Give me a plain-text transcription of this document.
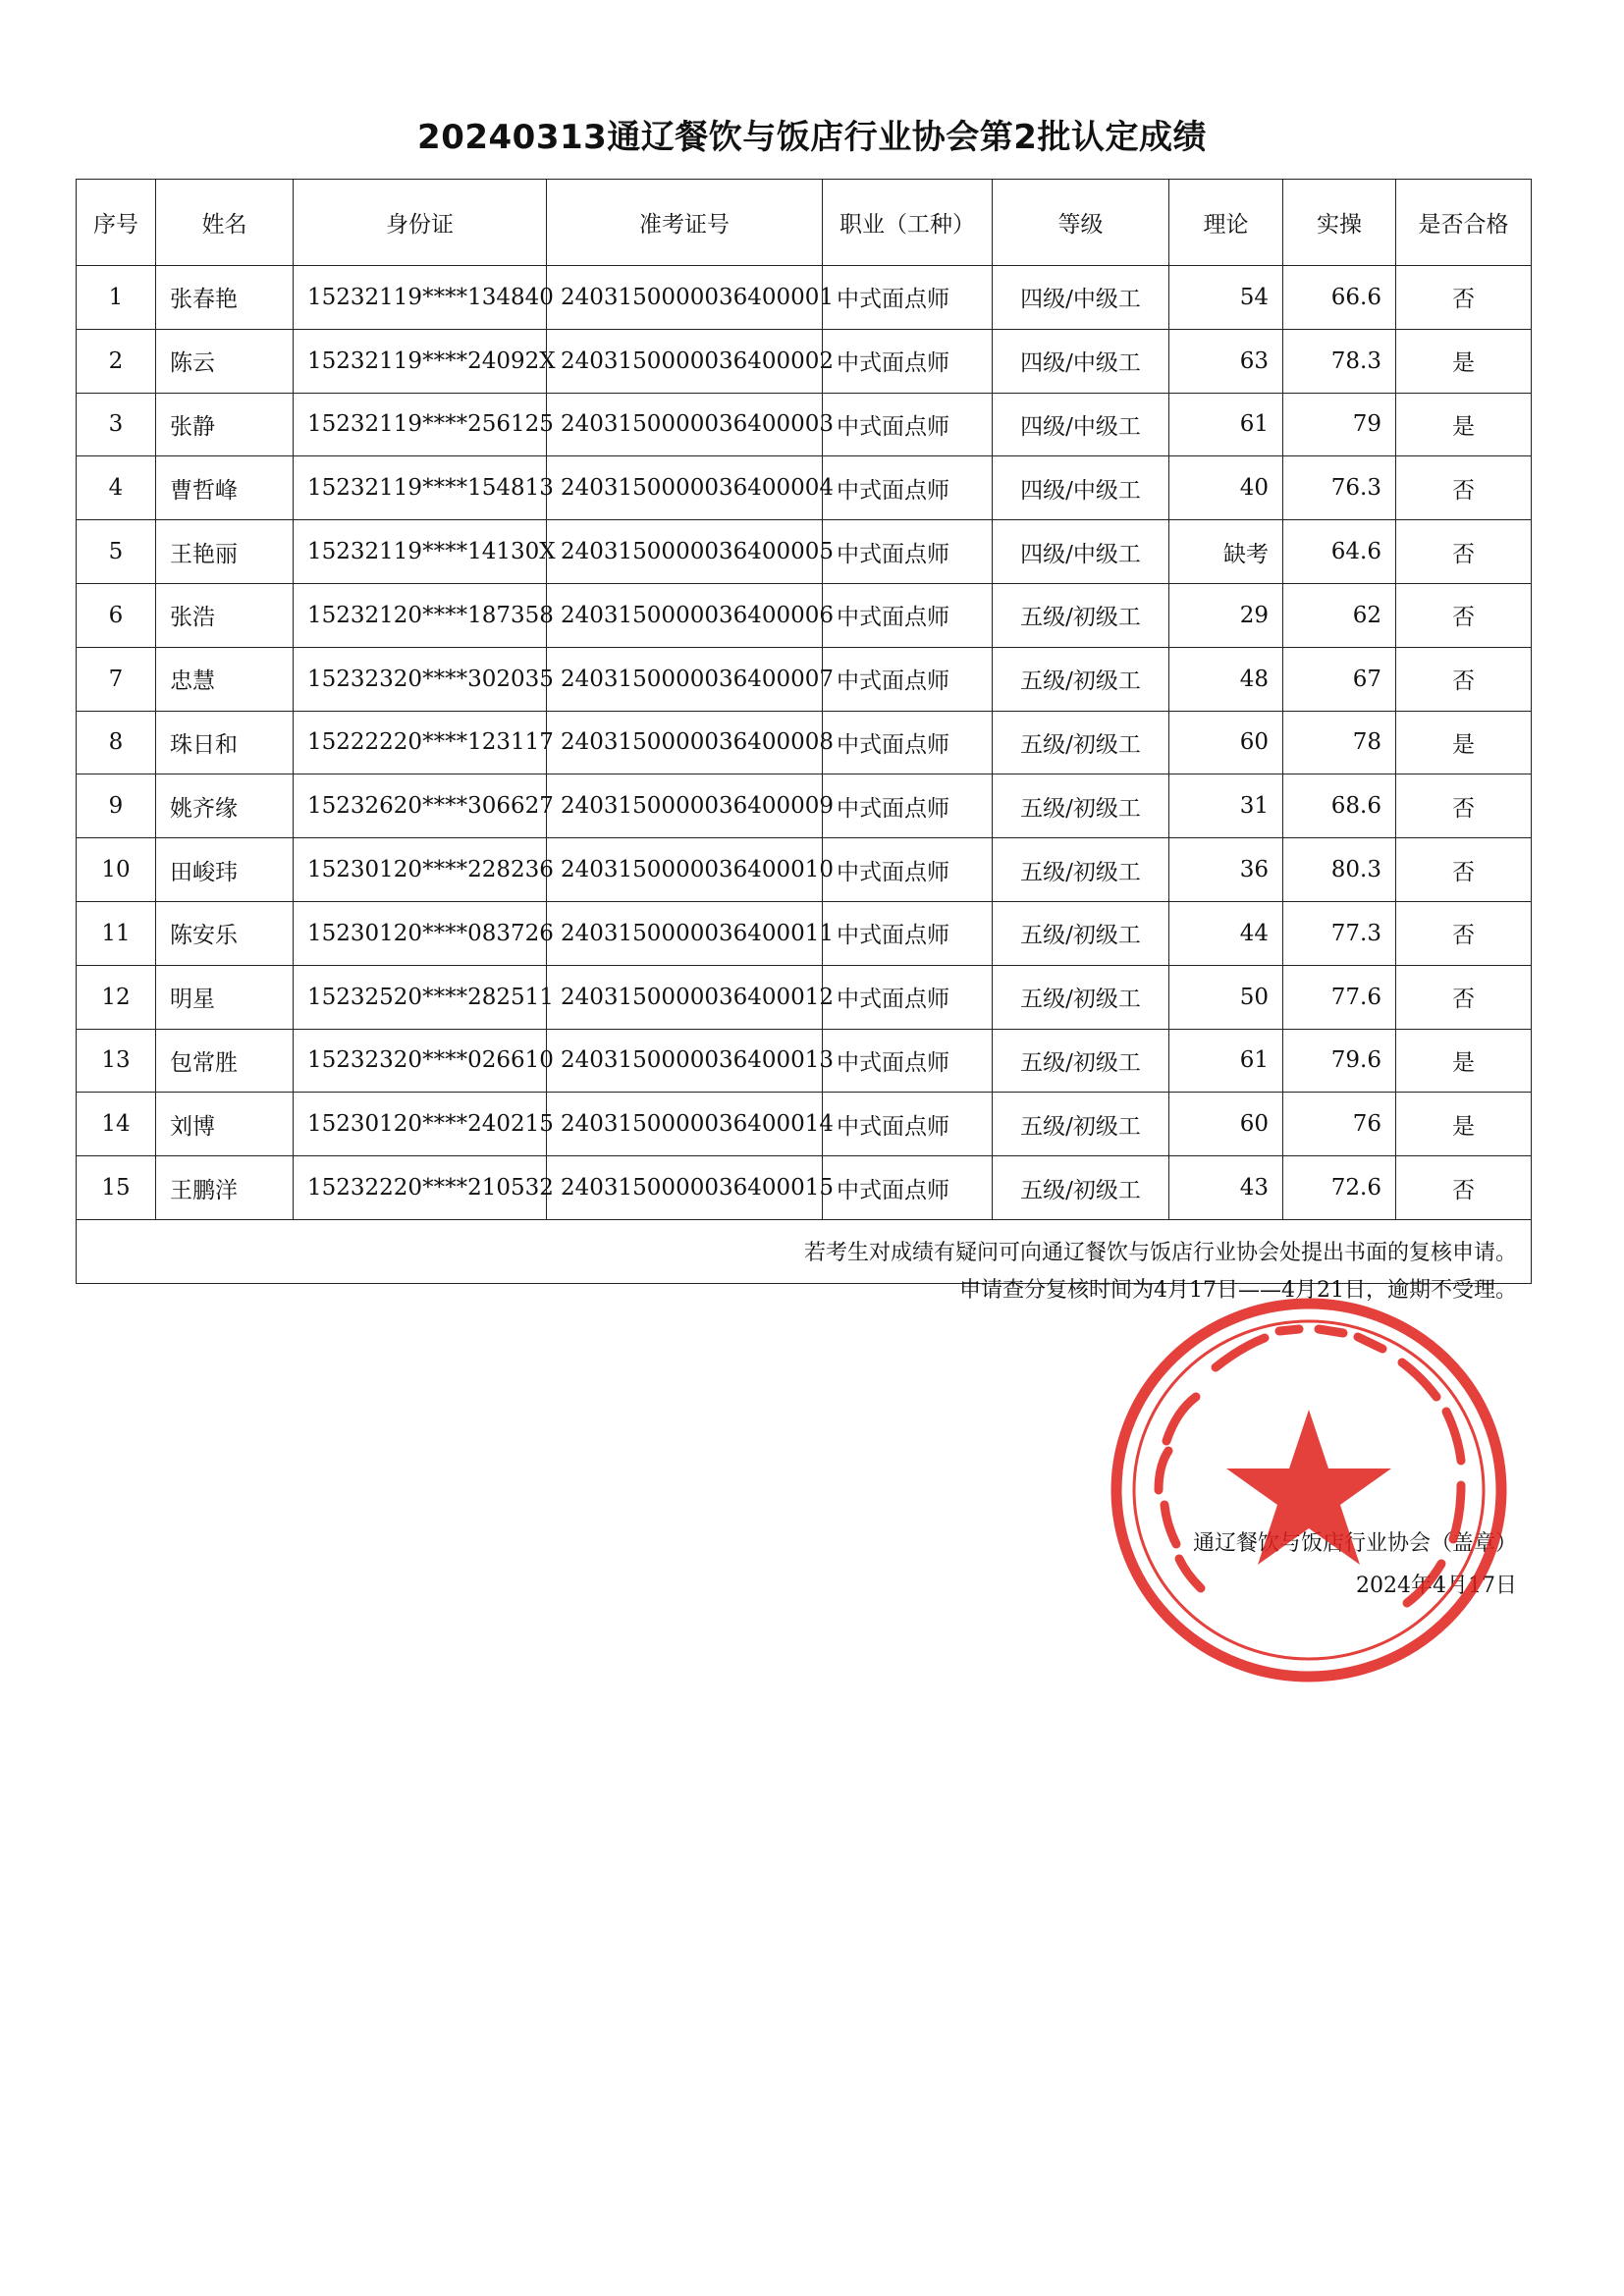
20240313通辽餐饮与饭店行业协会第2批认定成绩
序号	姓名	身份证	准考证号	职业（工种）	等级	理论	实操	是否合格
1	张春艳	15232119****134840	2403150000036400001	中式面点师	四级/中级工	54	66.6	否
2	陈云	15232119****24092X	2403150000036400002	中式面点师	四级/中级工	63	78.3	是
3	张静	15232119****256125	2403150000036400003	中式面点师	四级/中级工	61	79	是
4	曹哲峰	15232119****154813	2403150000036400004	中式面点师	四级/中级工	40	76.3	否
5	王艳丽	15232119****14130X	2403150000036400005	中式面点师	四级/中级工	缺考	64.6	否
6	张浩	15232120****187358	2403150000036400006	中式面点师	五级/初级工	29	62	否
7	忠慧	15232320****302035	2403150000036400007	中式面点师	五级/初级工	48	67	否
8	珠日和	15222220****123117	2403150000036400008	中式面点师	五级/初级工	60	78	是
9	姚齐缘	15232620****306627	2403150000036400009	中式面点师	五级/初级工	31	68.6	否
10	田峻玮	15230120****228236	2403150000036400010	中式面点师	五级/初级工	36	80.3	否
11	陈安乐	15230120****083726	2403150000036400011	中式面点师	五级/初级工	44	77.3	否
12	明星	15232520****282511	2403150000036400012	中式面点师	五级/初级工	50	77.6	否
13	包常胜	15232320****026610	2403150000036400013	中式面点师	五级/初级工	61	79.6	是
14	刘博	15230120****240215	2403150000036400014	中式面点师	五级/初级工	60	76	是
15	王鹏洋	15232220****210532	2403150000036400015	中式面点师	五级/初级工	43	72.6	否

若考生对成绩有疑问可向通辽餐饮与饭店行业协会处提出书面的复核申请。
申请查分复核时间为4月17日——4月21日，逾期不受理。
通辽餐饮与饭店行业协会（盖章）
2024年4月17日								
